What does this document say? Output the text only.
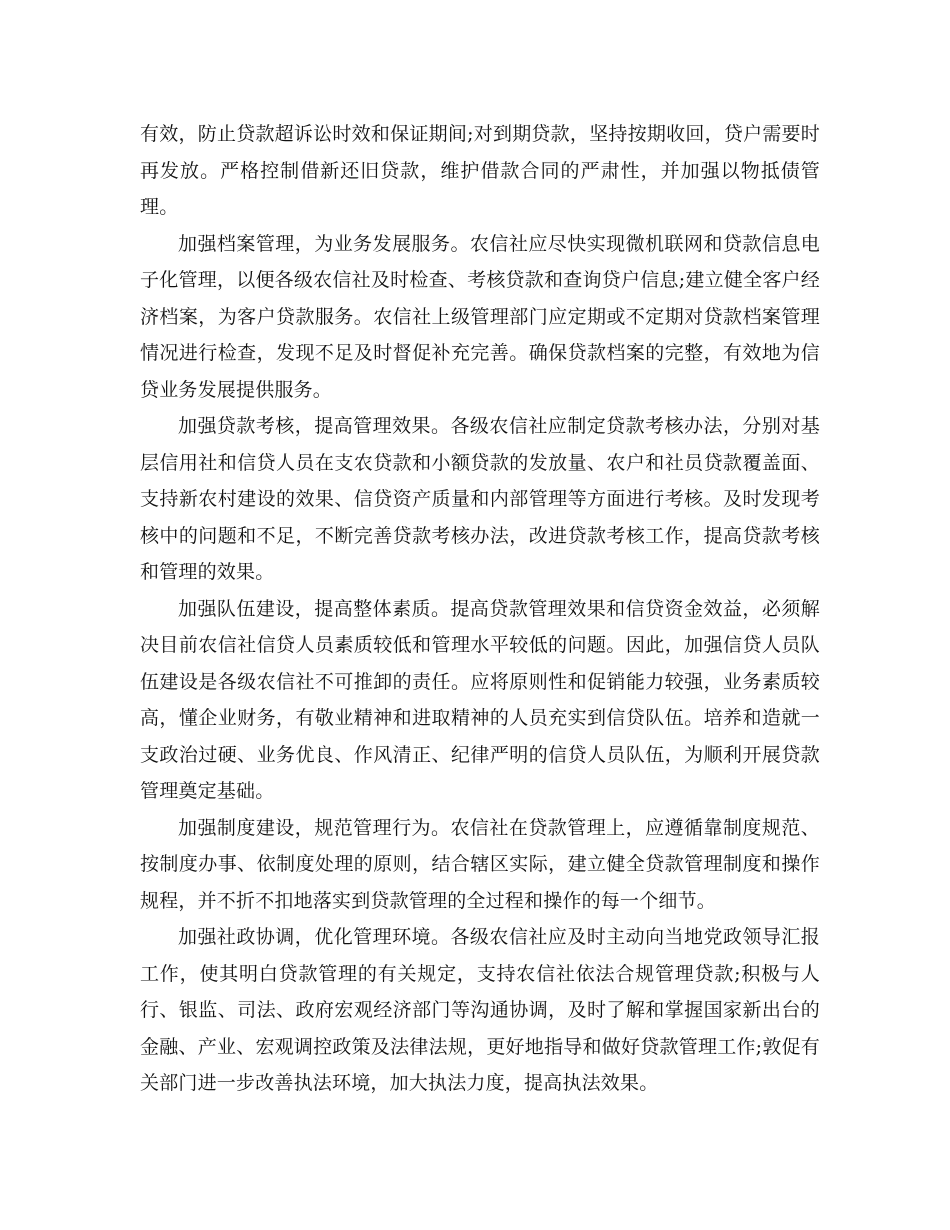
有效，防止贷款超诉讼时效和保证期间;对到期贷款，坚持按期收回，贷户需要时再发放。严格控制借新还旧贷款，维护借款合同的严肃性，并加强以物抵债管理。

加强档案管理，为业务发展服务。农信社应尽快实现微机联网和贷款信息电子化管理，以便各级农信社及时检查、考核贷款和查询贷户信息;建立健全客户经济档案，为客户贷款服务。农信社上级管理部门应定期或不定期对贷款档案管理情况进行检查，发现不足及时督促补充完善。确保贷款档案的完整，有效地为信贷业务发展提供服务。

加强贷款考核，提高管理效果。各级农信社应制定贷款考核办法，分别对基层信用社和信贷人员在支农贷款和小额贷款的发放量、农户和社员贷款覆盖面、支持新农村建设的效果、信贷资产质量和内部管理等方面进行考核。及时发现考核中的问题和不足，不断完善贷款考核办法，改进贷款考核工作，提高贷款考核和管理的效果。

加强队伍建设，提高整体素质。提高贷款管理效果和信贷资金效益，必须解决目前农信社信贷人员素质较低和管理水平较低的问题。因此，加强信贷人员队伍建设是各级农信社不可推卸的责任。应将原则性和促销能力较强，业务素质较高，懂企业财务，有敬业精神和进取精神的人员充实到信贷队伍。培养和造就一支政治过硬、业务优良、作风清正、纪律严明的信贷人员队伍，为顺利开展贷款管理奠定基础。

加强制度建设，规范管理行为。农信社在贷款管理上，应遵循靠制度规范、按制度办事、依制度处理的原则，结合辖区实际，建立健全贷款管理制度和操作规程，并不折不扣地落实到贷款管理的全过程和操作的每一个细节。

加强社政协调，优化管理环境。各级农信社应及时主动向当地党政领导汇报工作，使其明白贷款管理的有关规定，支持农信社依法合规管理贷款;积极与人行、银监、司法、政府宏观经济部门等沟通协调，及时了解和掌握国家新出台的金融、产业、宏观调控政策及法律法规，更好地指导和做好贷款管理工作;敦促有关部门进一步改善执法环境，加大执法力度，提高执法效果。
